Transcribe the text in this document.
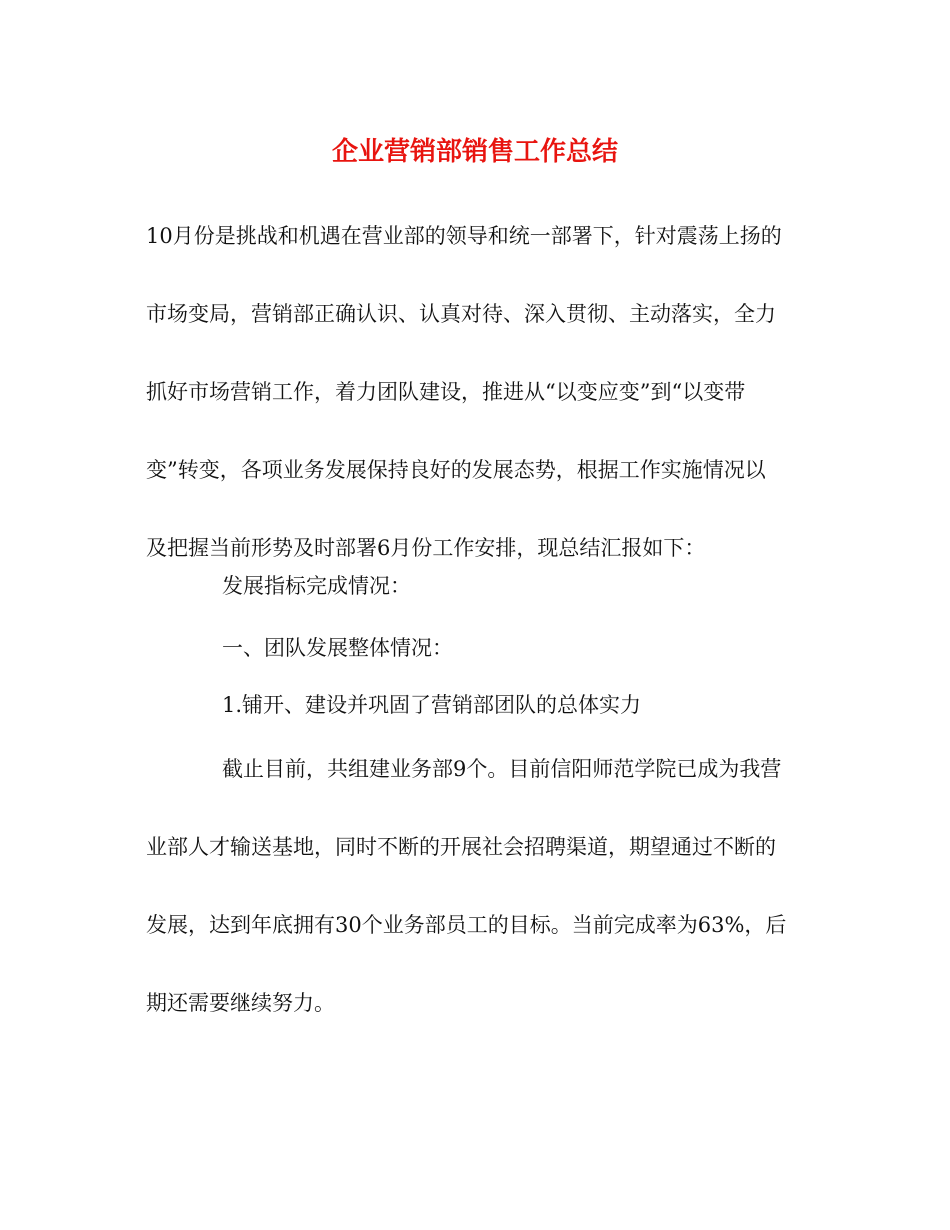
企业营销部销售工作总结
10月份是挑战和机遇在营业部的领导和统一部署下，针对震荡上扬的
市场变局，营销部正确认识、认真对待、深入贯彻、主动落实，全力
抓好市场营销工作，着力团队建设，推进从“以变应变”到“以变带
变”转变，各项业务发展保持良好的发展态势，根据工作实施情况以
及把握当前形势及时部署6月份工作安排，现总结汇报如下：
发展指标完成情况：
一、团队发展整体情况：
1.铺开、建设并巩固了营销部团队的总体实力
截止目前，共组建业务部9个。目前信阳师范学院已成为我营
业部人才输送基地，同时不断的开展社会招聘渠道，期望通过不断的
发展，达到年底拥有30个业务部员工的目标。当前完成率为63%，后
期还需要继续努力。
